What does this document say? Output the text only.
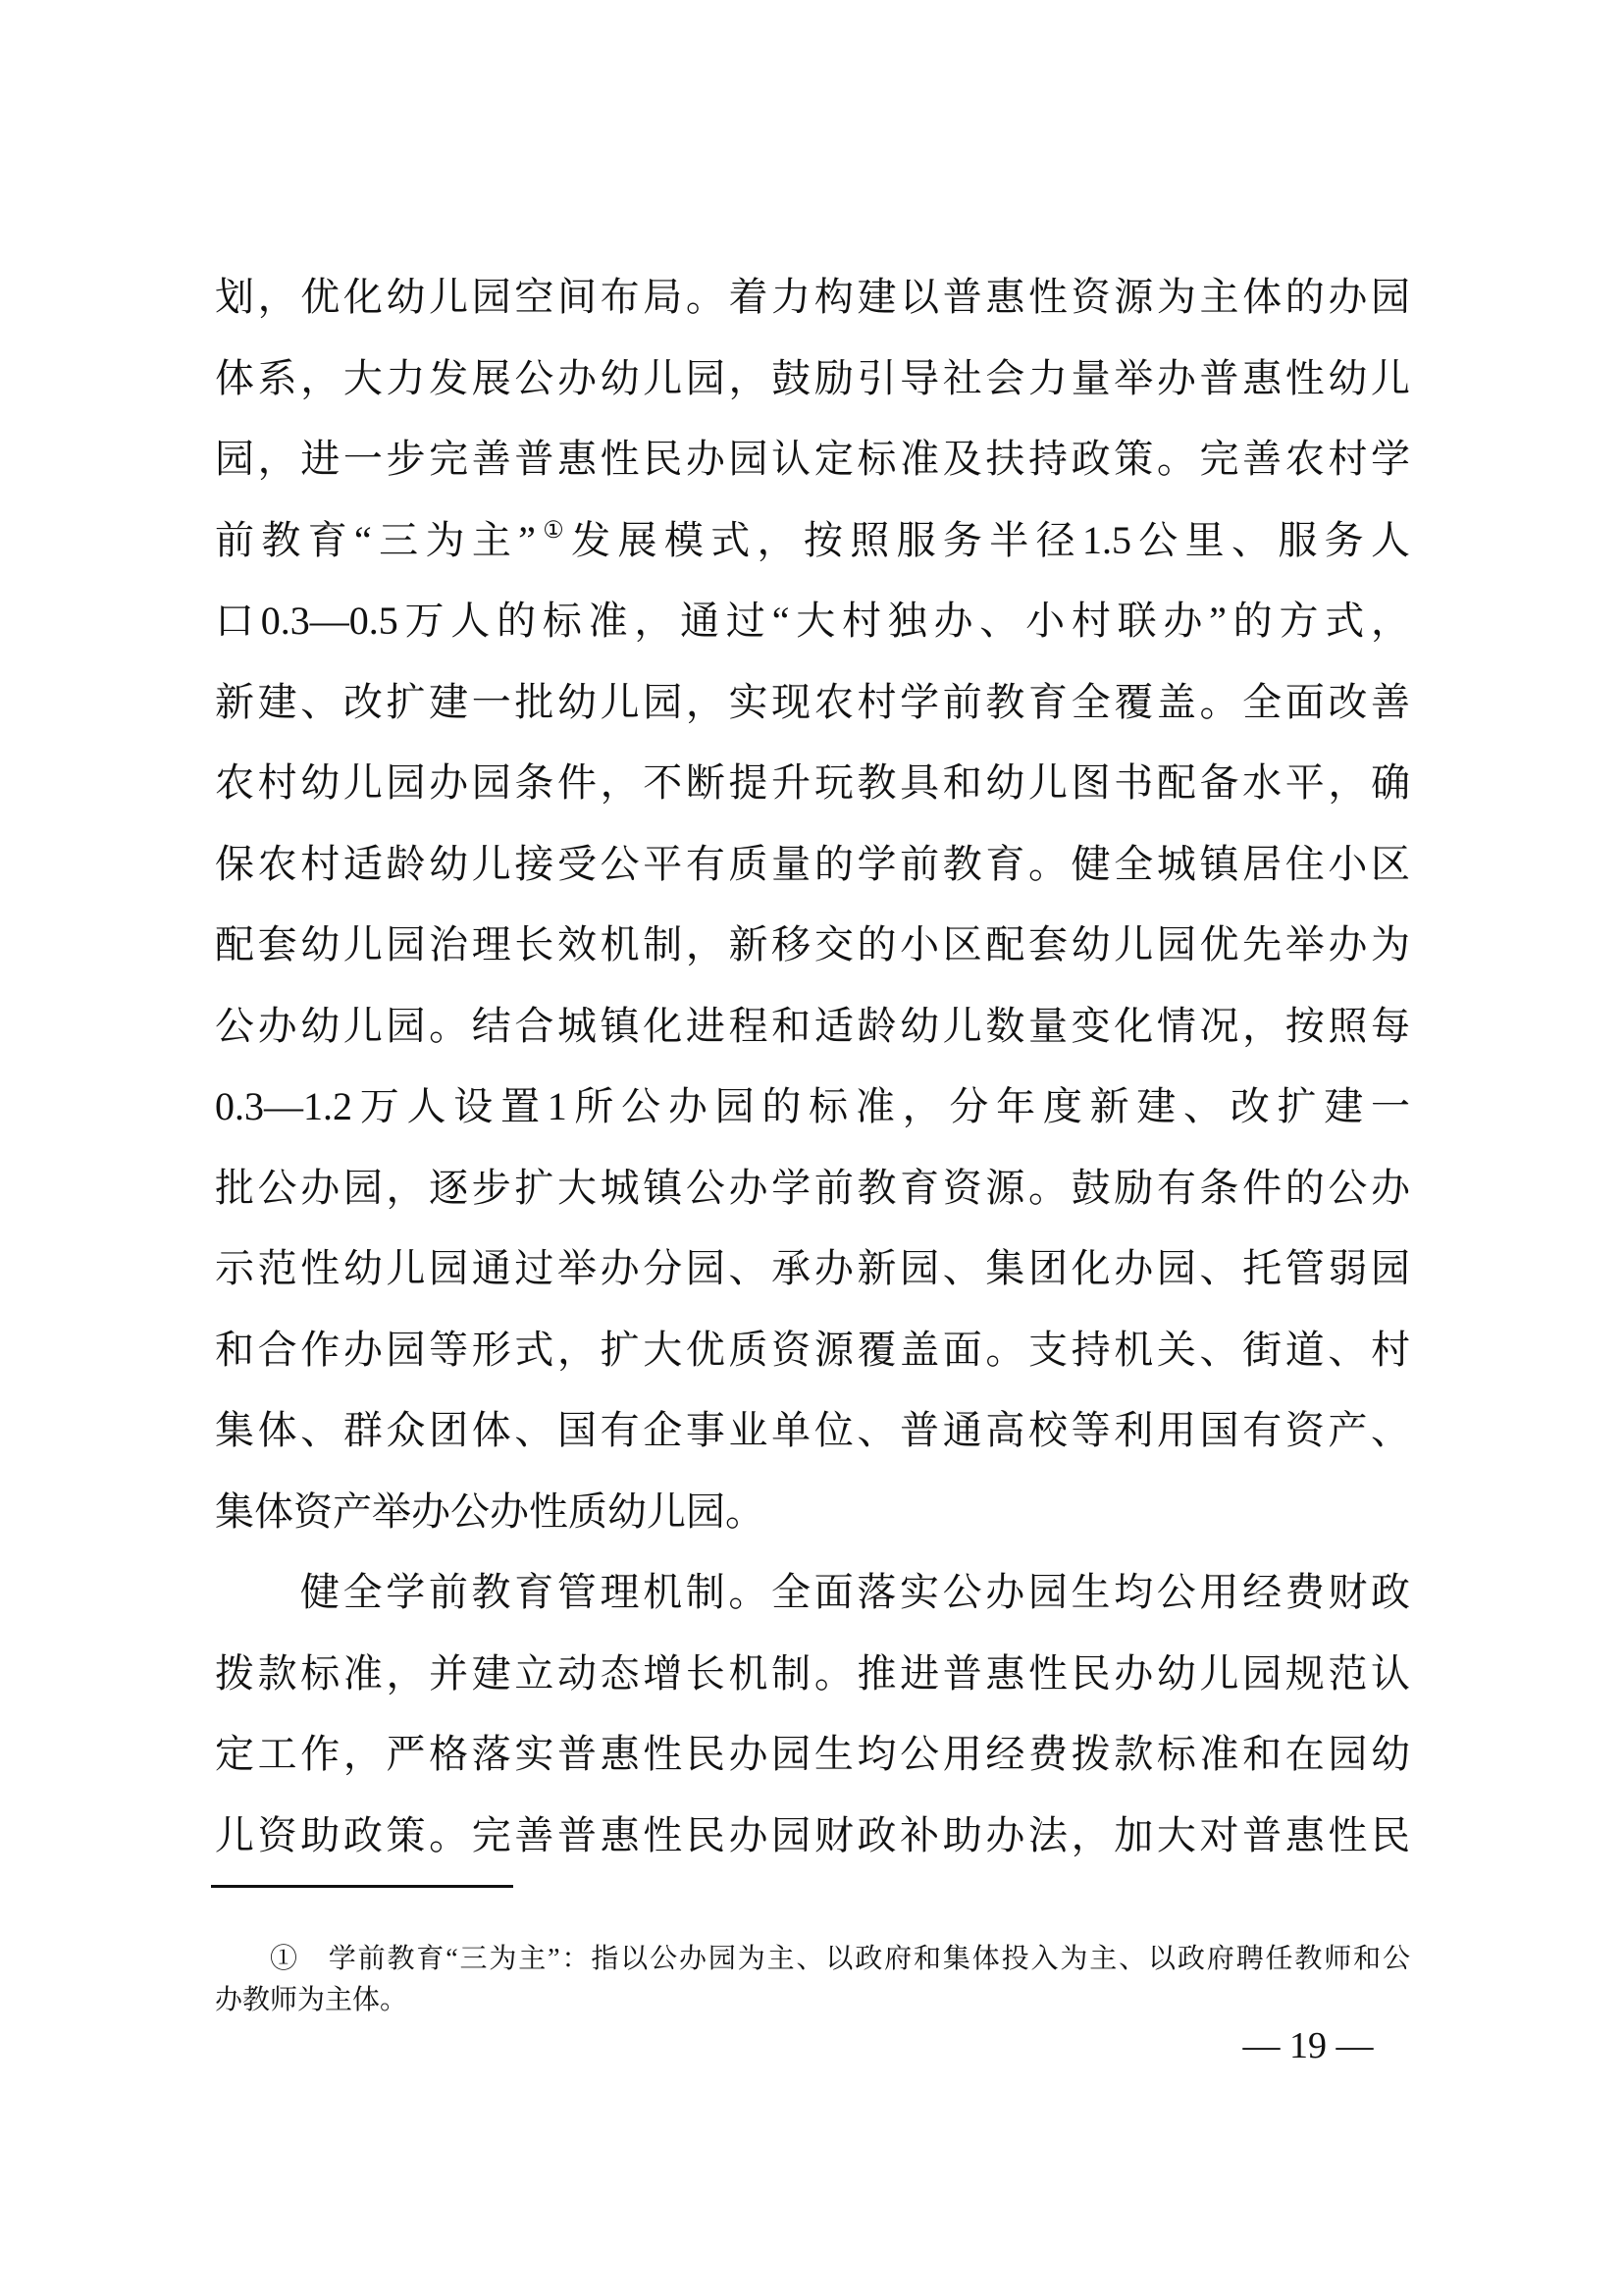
划，优化幼儿园空间布局。着力构建以普惠性资源为主体的办园
体系，大力发展公办幼儿园，鼓励引导社会力量举办普惠性幼儿
园，进一步完善普惠性民办园认定标准及扶持政策。完善农村学
前教育“三为主”①发展模式，按照服务半径1.5公里、服务人
口0.3—0.5万人的标准，通过“大村独办、小村联办”的方式，
新建、改扩建一批幼儿园，实现农村学前教育全覆盖。全面改善
农村幼儿园办园条件，不断提升玩教具和幼儿图书配备水平，确
保农村适龄幼儿接受公平有质量的学前教育。健全城镇居住小区
配套幼儿园治理长效机制，新移交的小区配套幼儿园优先举办为
公办幼儿园。结合城镇化进程和适龄幼儿数量变化情况，按照每
0.3—1.2万人设置1所公办园的标准，分年度新建、改扩建一
批公办园，逐步扩大城镇公办学前教育资源。鼓励有条件的公办
示范性幼儿园通过举办分园、承办新园、集团化办园、托管弱园
和合作办园等形式，扩大优质资源覆盖面。支持机关、街道、村
集体、群众团体、国有企事业单位、普通高校等利用国有资产、
集体资产举办公办性质幼儿园。
健全学前教育管理机制。全面落实公办园生均公用经费财政
拨款标准，并建立动态增长机制。推进普惠性民办幼儿园规范认
定工作，严格落实普惠性民办园生均公用经费拨款标准和在园幼
儿资助政策。完善普惠性民办园财政补助办法，加大对普惠性民
①　学前教育“三为主”：指以公办园为主、以政府和集体投入为主、以政府聘任教师和公
办教师为主体。
— 19 —
